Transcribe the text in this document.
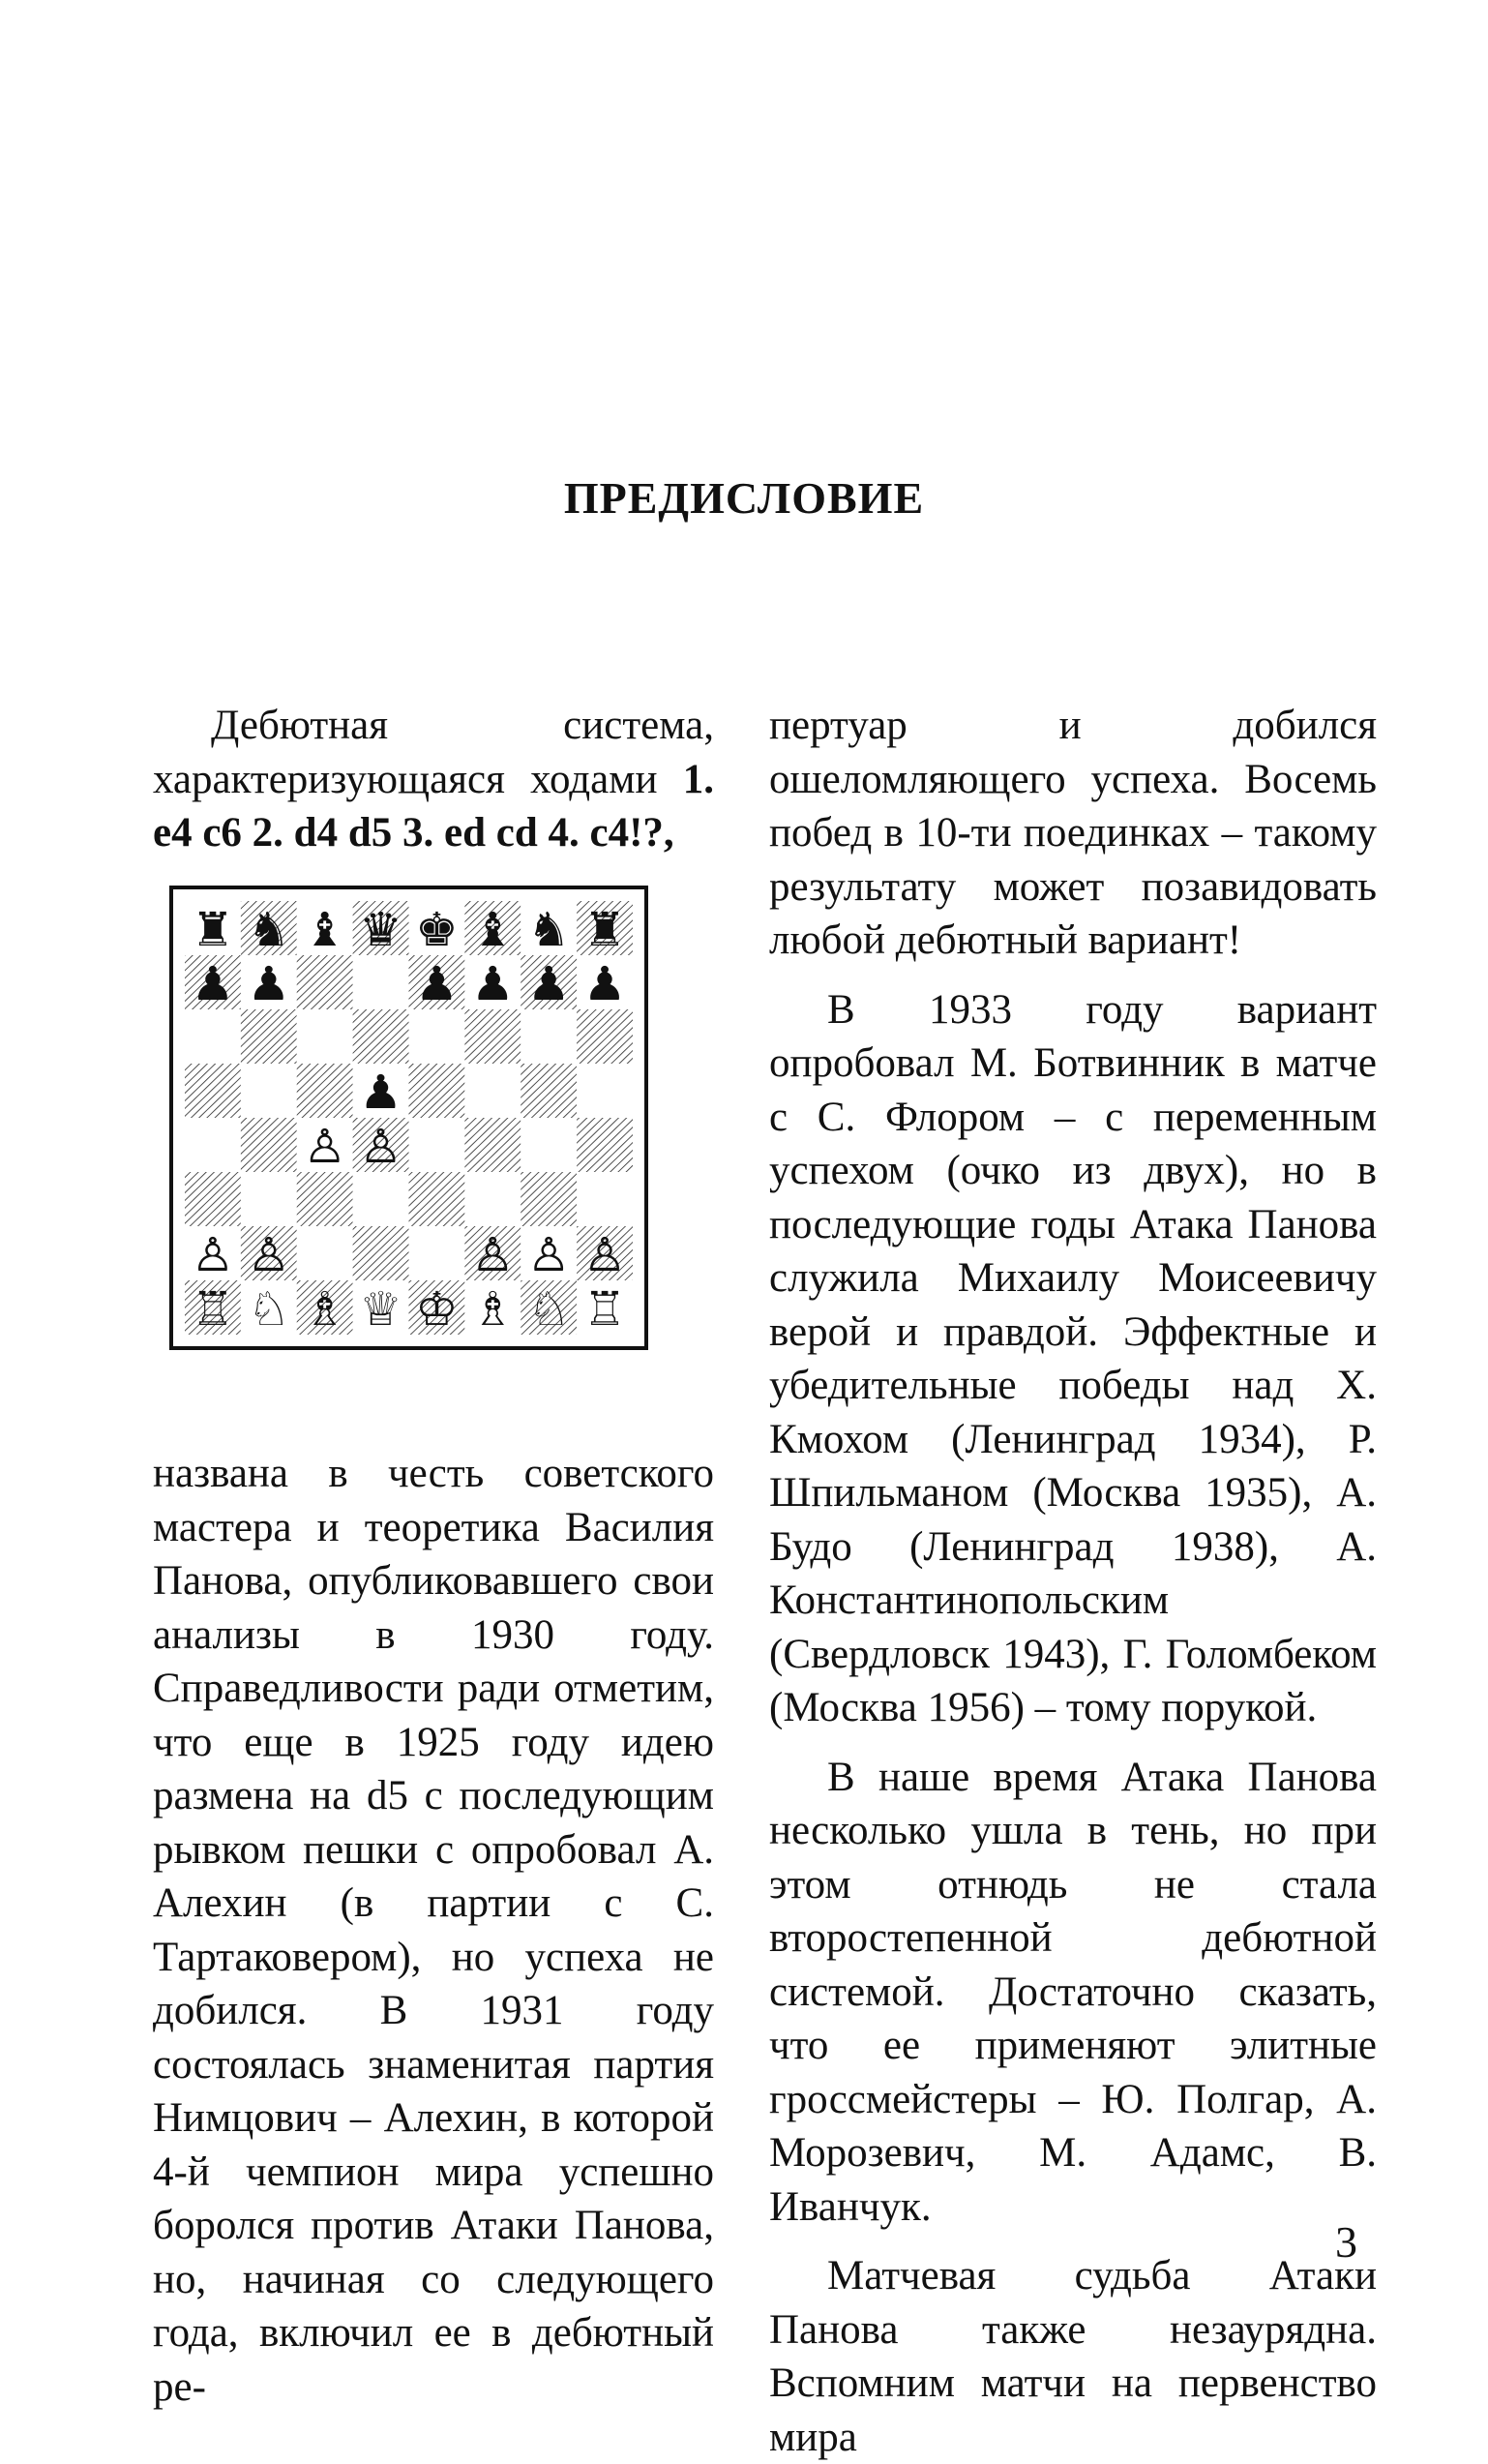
ПРЕДИСЛОВИЕ

Дебютная система, характеризующаяся ходами 1. е4 с6 2. d4 d5 3. ed cd 4. с4!?,

♜ ♞ ♝ ♛ ♚ ♝ ♞ ♜
♟ ♟ ♟ ♟ ♟ ♟
♟
♙ ♙
♙ ♙ ♙ ♙ ♙
♖ ♘ ♗ ♕ ♔ ♗ ♘ ♖

названа в честь советского мастера и теоретика Василия Панова, опубликовавшего свои анализы в 1930 году. Справедливости ради отметим, что еще в 1925 году идею размена на d5 с последующим рывком пешки с опробовал А. Алехин (в партии с С. Тартаковером), но успеха не добился. В 1931 году состоялась знаменитая партия Нимцович – Алехин, в которой 4-й чемпион мира успешно боролся против Атаки Панова, но, начиная со следующего года, включил ее в дебютный ре-

пертуар и добился ошеломляющего успеха. Восемь побед в 10-ти поединках – такому результату может позавидовать любой дебютный вариант!

В 1933 году вариант опробовал М. Ботвинник в матче с С. Флором – с переменным успехом (очко из двух), но в последующие годы Атака Панова служила Михаилу Моисеевичу верой и правдой. Эффектные и убедительные победы над X. Кмохом (Ленинград 1934), Р. Шпильманом (Москва 1935), А. Будо (Ленинград 1938), А. Константинопольским (Свердловск 1943), Г. Голомбеком (Москва 1956) – тому порукой.

В наше время Атака Панова несколько ушла в тень, но при этом отнюдь не стала второстепенной дебютной системой. Достаточно сказать, что ее применяют элитные гроссмейстеры – Ю. Полгар, А. Морозевич, М. Адамс, В. Иванчук.

Матчевая судьба Атаки Панова также незаурядна. Вспомним матчи на первенство мира

3
